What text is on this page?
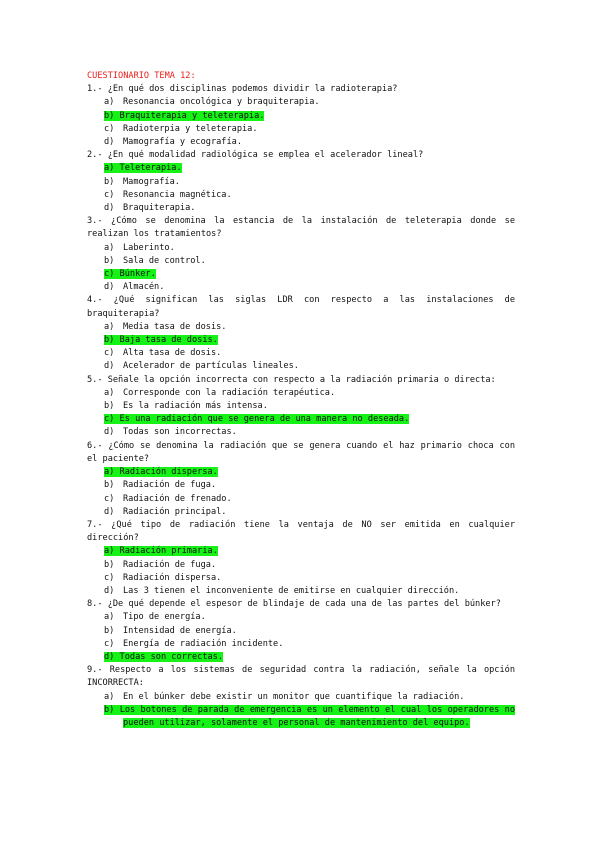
CUESTIONARIO TEMA 12:
1.- ¿En qué dos disciplinas podemos dividir la radioterapia?
a) Resonancia oncológica y braquiterapia.
b) Braquiterapia y teleterapia.
c) Radioterpia y teleterapia.
d) Mamografía y ecografía.
2.- ¿En qué modalidad radiológica se emplea el acelerador lineal?
a) Teleterapia.
b) Mamografía.
c) Resonancia magnética.
d) Braquiterapia.
3.- ¿Cómo se denomina la estancia de la instalación de teleterapia donde se realizan los tratamientos?
a) Laberinto.
b) Sala de control.
c) Búnker.
d) Almacén.
4.- ¿Qué significan las siglas LDR con respecto a las instalaciones de braquiterapia?
a) Media tasa de dosis.
b) Baja tasa de dosis.
c) Alta tasa de dosis.
d) Acelerador de partículas lineales.
5.- Señale la opción incorrecta con respecto a la radiación primaria o directa:
a) Corresponde con la radiación terapéutica.
b) Es la radiación más intensa.
c) Es una radiación que se genera de una manera no deseada.
d) Todas son incorrectas.
6.- ¿Cómo se denomina la radiación que se genera cuando el haz primario choca con el paciente?
a) Radiación dispersa.
b) Radiación de fuga.
c) Radiación de frenado.
d) Radiación principal.
7.- ¿Qué tipo de radiación tiene la ventaja de NO ser emitida en cualquier dirección?
a) Radiación primaria.
b) Radiación de fuga.
c) Radiación dispersa.
d) Las 3 tienen el inconveniente de emitirse en cualquier dirección.
8.- ¿De qué depende el espesor de blindaje de cada una de las partes del búnker?
a) Tipo de energía.
b) Intensidad de energía.
c) Energía de radiación incidente.
d) Todas son correctas.
9.- Respecto a los sistemas de seguridad contra la radiación, señale la opción INCORRECTA:
a) En el búnker debe existir un monitor que cuantifique la radiación.
b) Los botones de parada de emergencia es un elemento el cual los operadores no pueden utilizar, solamente el personal de mantenimiento del equipo.
